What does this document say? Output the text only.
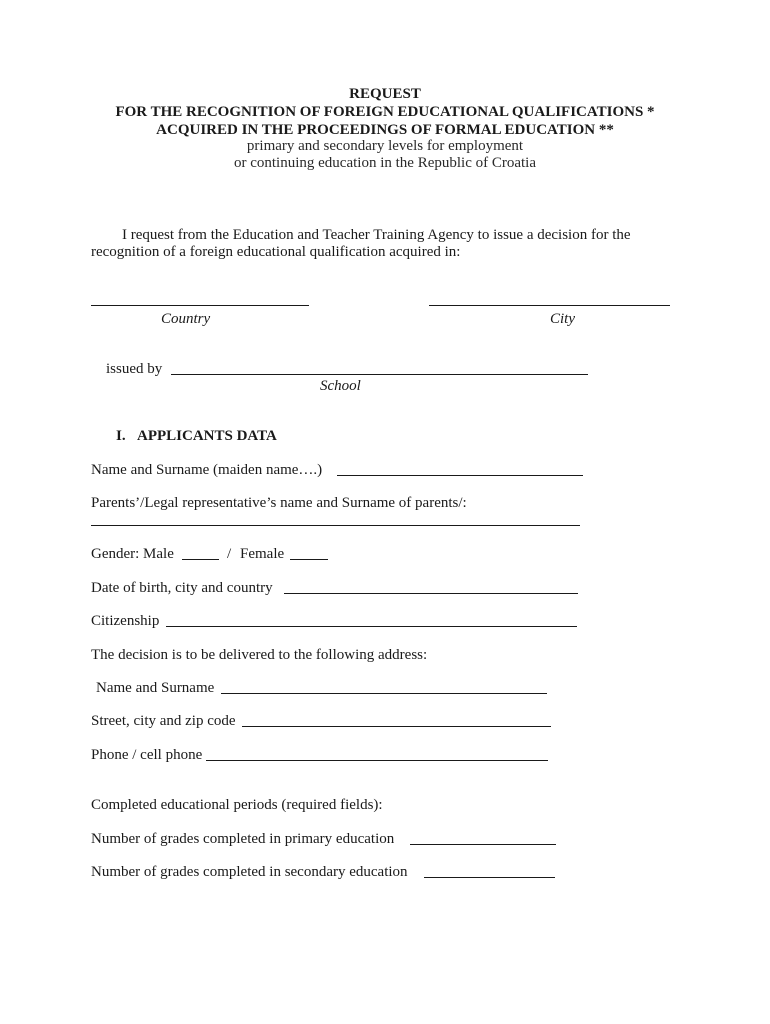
REQUEST
FOR THE RECOGNITION OF FOREIGN EDUCATIONAL QUALIFICATIONS *
ACQUIRED IN THE PROCEEDINGS OF FORMAL EDUCATION **
primary and secondary levels for employment
or continuing education in the Republic of Croatia
I request from the Education and Teacher Training Agency to issue a decision for the
recognition of a foreign educational qualification acquired in:
Country	City
issued by
School
I. APPLICANTS DATA
Name and Surname (maiden name….)
Parents’/Legal representative’s name and Surname of parents/:
Gender: Male	/ Female
Date of birth, city and country
Citizenship
The decision is to be delivered to the following address:
Name and Surname
Street, city and zip code
Phone / cell phone
Completed educational periods (required fields):
Number of grades completed in primary education
Number of grades completed in secondary education
